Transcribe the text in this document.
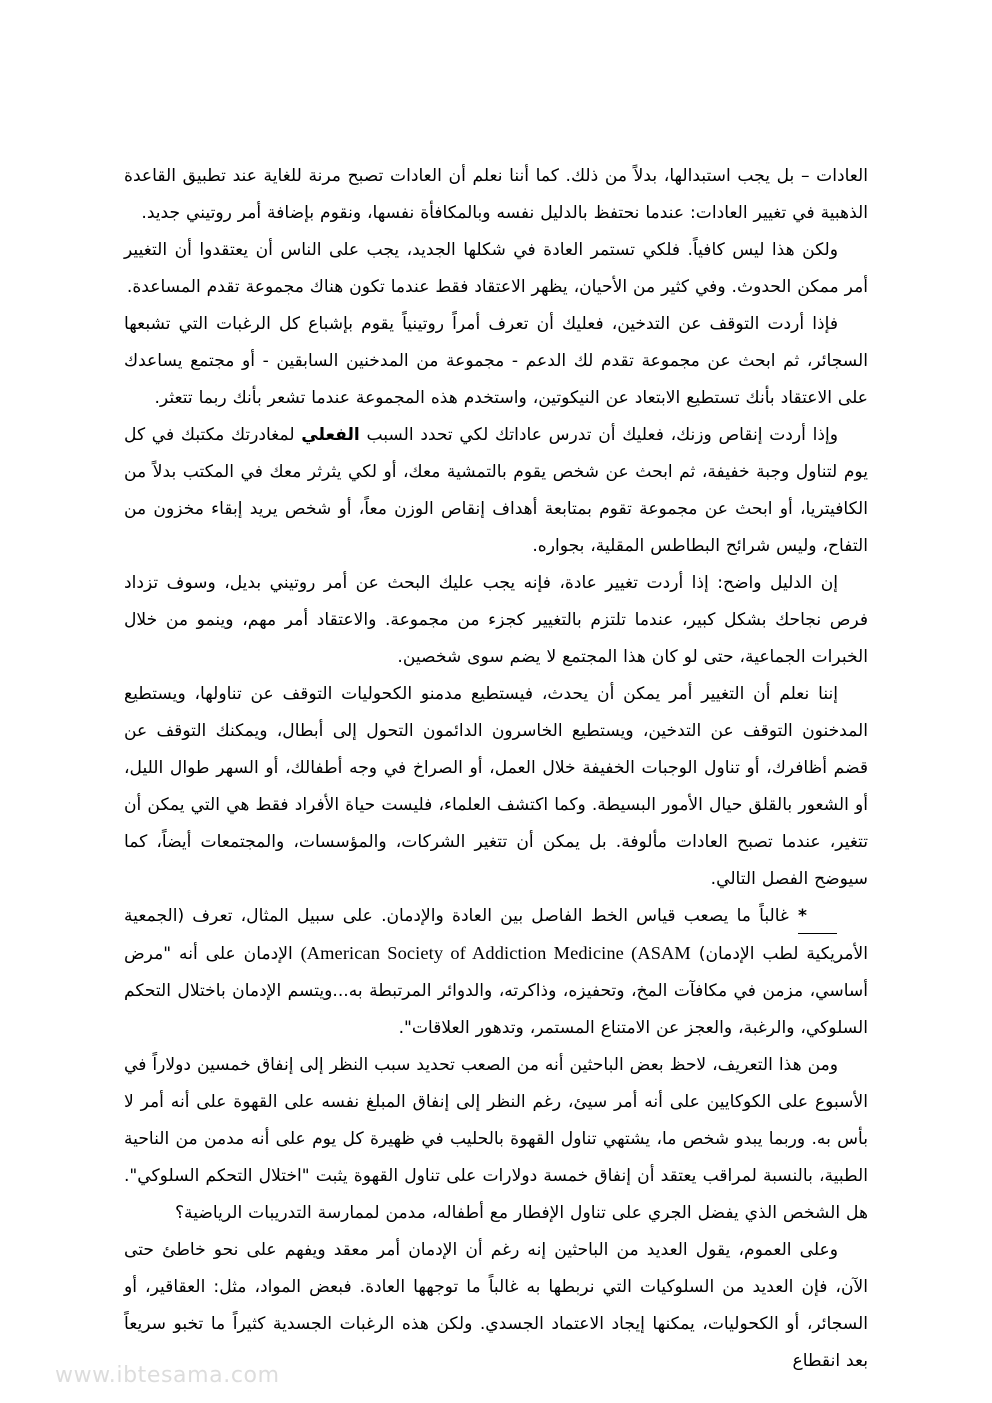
العادات – بل يجب استبدالها، بدلاً من ذلك. كما أننا نعلم أن العادات تصبح مرنة للغاية عند تطبيق القاعدة الذهبية في تغيير العادات: عندما نحتفظ بالدليل نفسه وبالمكافأة نفسها، ونقوم بإضافة أمر روتيني جديد.

ولكن هذا ليس كافياً. فلكي تستمر العادة في شكلها الجديد، يجب على الناس أن يعتقدوا أن التغيير أمر ممكن الحدوث. وفي كثير من الأحيان، يظهر الاعتقاد فقط عندما تكون هناك مجموعة تقدم المساعدة.

فإذا أردت التوقف عن التدخين، فعليك أن تعرف أمراً روتينياً يقوم بإشباع كل الرغبات التي تشبعها السجائر، ثم ابحث عن مجموعة تقدم لك الدعم - مجموعة من المدخنين السابقين - أو مجتمع يساعدك على الاعتقاد بأنك تستطيع الابتعاد عن النيكوتين، واستخدم هذه المجموعة عندما تشعر بأنك ربما تتعثر.

وإذا أردت إنقاص وزنك، فعليك أن تدرس عاداتك لكي تحدد السبب الفعلي لمغادرتك مكتبك في كل يوم لتناول وجبة خفيفة، ثم ابحث عن شخص يقوم بالتمشية معك، أو لكي يثرثر معك في المكتب بدلاً من الكافيتريا، أو ابحث عن مجموعة تقوم بمتابعة أهداف إنقاص الوزن معاً، أو شخص يريد إبقاء مخزون من التفاح، وليس شرائح البطاطس المقلية، بجواره.

إن الدليل واضح: إذا أردت تغيير عادة، فإنه يجب عليك البحث عن أمر روتيني بديل، وسوف تزداد فرص نجاحك بشكل كبير، عندما تلتزم بالتغيير كجزء من مجموعة. والاعتقاد أمر مهم، وينمو من خلال الخبرات الجماعية، حتى لو كان هذا المجتمع لا يضم سوى شخصين.

إننا نعلم أن التغيير أمر يمكن أن يحدث، فيستطيع مدمنو الكحوليات التوقف عن تناولها، ويستطيع المدخنون التوقف عن التدخين، ويستطيع الخاسرون الدائمون التحول إلى أبطال، ويمكنك التوقف عن قضم أظافرك، أو تناول الوجبات الخفيفة خلال العمل، أو الصراخ في وجه أطفالك، أو السهر طوال الليل، أو الشعور بالقلق حيال الأمور البسيطة. وكما اكتشف العلماء، فليست حياة الأفراد فقط هي التي يمكن أن تتغير، عندما تصبح العادات مألوفة. بل يمكن أن تتغير الشركات، والمؤسسات، والمجتمعات أيضاً، كما سيوضح الفصل التالي.

* غالباً ما يصعب قياس الخط الفاصل بين العادة والإدمان. على سبيل المثال، تعرف (الجمعية الأمريكية لطب الإدمان) (American Society of Addiction Medicine (ASAM الإدمان على أنه "مرض أساسي، مزمن في مكافآت المخ، وتحفيزه، وذاكرته، والدوائر المرتبطة به...ويتسم الإدمان باختلال التحكم السلوكي، والرغبة، والعجز عن الامتناع المستمر، وتدهور العلاقات".

ومن هذا التعريف، لاحظ بعض الباحثين أنه من الصعب تحديد سبب النظر إلى إنفاق خمسين دولاراً في الأسبوع على الكوكايين على أنه أمر سيئ، رغم النظر إلى إنفاق المبلغ نفسه على القهوة على أنه أمر لا بأس به. وربما يبدو شخص ما، يشتهي تناول القهوة بالحليب في ظهيرة كل يوم على أنه مدمن من الناحية الطبية، بالنسبة لمراقب يعتقد أن إنفاق خمسة دولارات على تناول القهوة يثبت "اختلال التحكم السلوكي". هل الشخص الذي يفضل الجري على تناول الإفطار مع أطفاله، مدمن لممارسة التدريبات الرياضية؟

وعلى العموم، يقول العديد من الباحثين إنه رغم أن الإدمان أمر معقد ويفهم على نحو خاطئ حتى الآن، فإن العديد من السلوكيات التي نربطها به غالباً ما توجهها العادة. فبعض المواد، مثل: العقاقير، أو السجائر، أو الكحوليات، يمكنها إيجاد الاعتماد الجسدي. ولكن هذه الرغبات الجسدية كثيراً ما تخبو سريعاً بعد انقطاع

www.ibtesama.com
